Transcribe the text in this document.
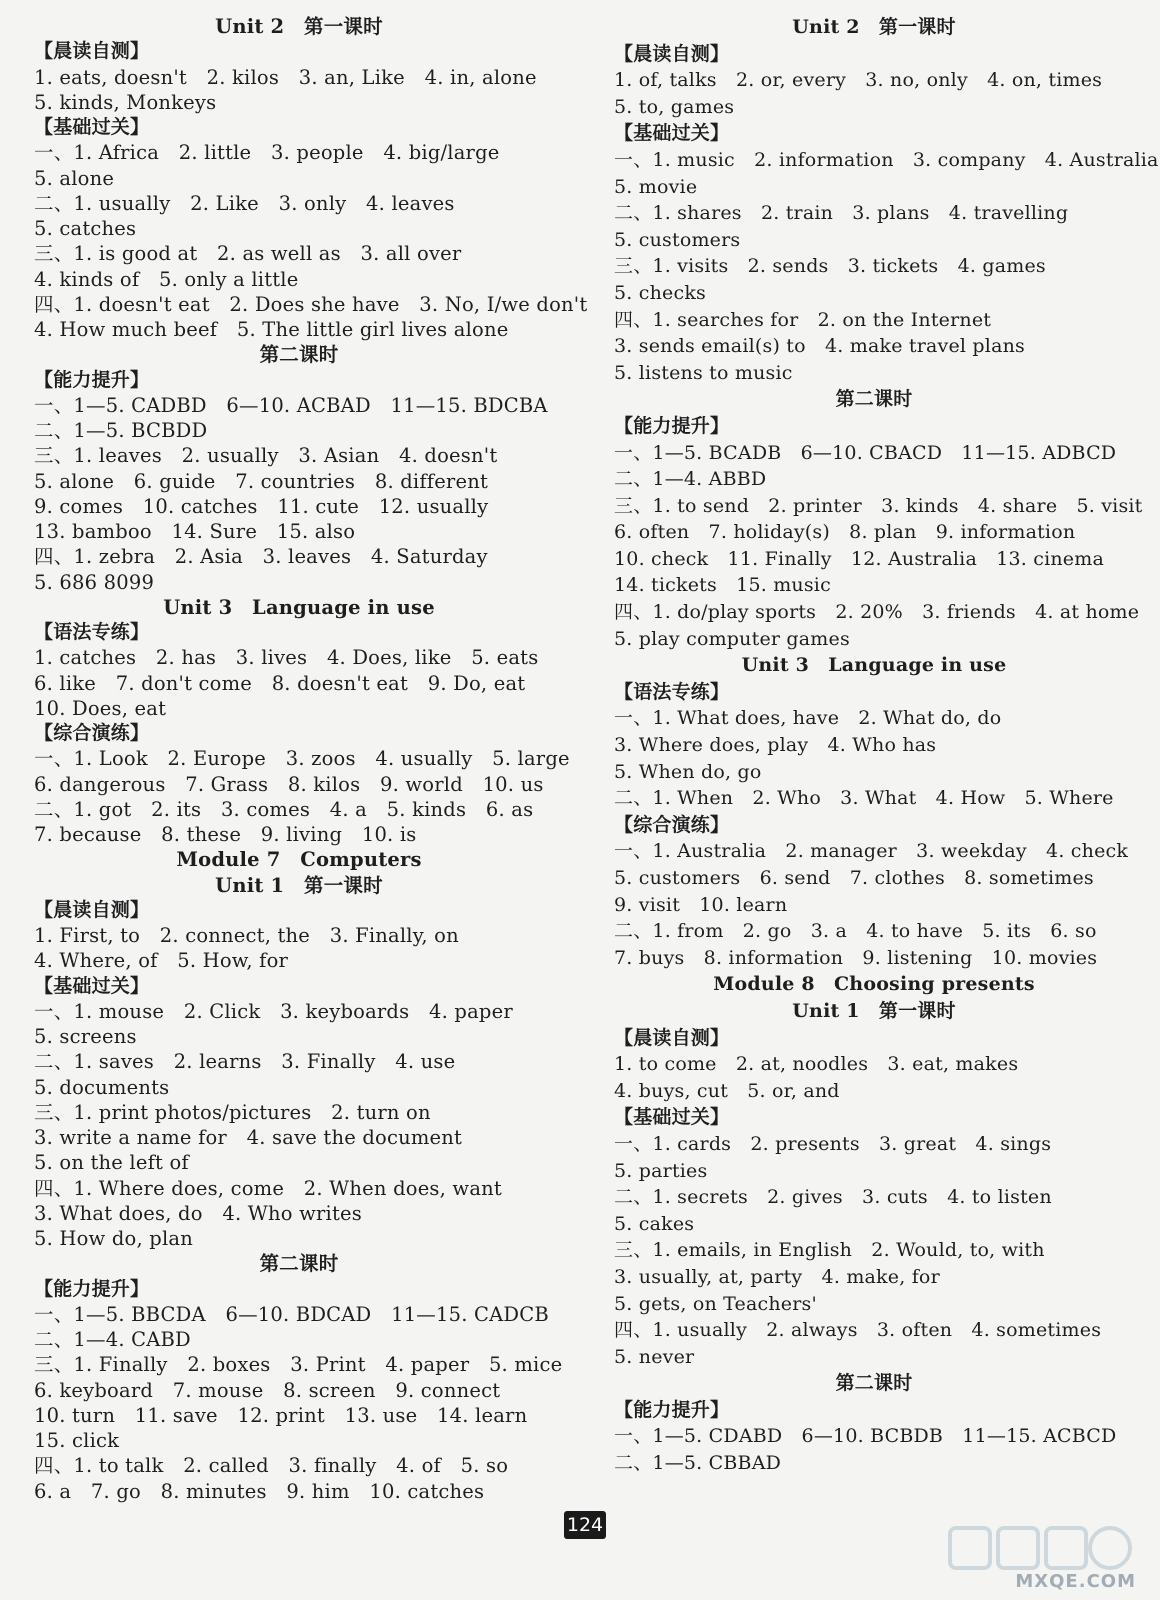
Unit 2　第一课时
【晨读自测】
1. eats, doesn't　2. kilos　3. an, Like　4. in, alone
5. kinds, Monkeys
【基础过关】
一、1. Africa　2. little　3. people　4. big/large
5. alone
二、1. usually　2. Like　3. only　4. leaves
5. catches
三、1. is good at　2. as well as　3. all over
4. kinds of　5. only a little
四、1. doesn't eat　2. Does she have　3. No, I/we don't
4. How much beef　5. The little girl lives alone
第二课时
【能力提升】
一、1—5. CADBD　6—10. ACBAD　11—15. BDCBA
二、1—5. BCBDD
三、1. leaves　2. usually　3. Asian　4. doesn't
5. alone　6. guide　7. countries　8. different
9. comes　10. catches　11. cute　12. usually
13. bamboo　14. Sure　15. also
四、1. zebra　2. Asia　3. leaves　4. Saturday
5. 686 8099
Unit 3　Language in use
【语法专练】
1. catches　2. has　3. lives　4. Does, like　5. eats
6. like　7. don't come　8. doesn't eat　9. Do, eat
10. Does, eat
【综合演练】
一、1. Look　2. Europe　3. zoos　4. usually　5. large
6. dangerous　7. Grass　8. kilos　9. world　10. us
二、1. got　2. its　3. comes　4. a　5. kinds　6. as
7. because　8. these　9. living　10. is
Module 7　Computers
Unit 1　第一课时
【晨读自测】
1. First, to　2. connect, the　3. Finally, on
4. Where, of　5. How, for
【基础过关】
一、1. mouse　2. Click　3. keyboards　4. paper
5. screens
二、1. saves　2. learns　3. Finally　4. use
5. documents
三、1. print photos/pictures　2. turn on
3. write a name for　4. save the document
5. on the left of
四、1. Where does, come　2. When does, want
3. What does, do　4. Who writes
5. How do, plan
第二课时
【能力提升】
一、1—5. BBCDA　6—10. BDCAD　11—15. CADCB
二、1—4. CABD
三、1. Finally　2. boxes　3. Print　4. paper　5. mice
6. keyboard　7. mouse　8. screen　9. connect
10. turn　11. save　12. print　13. use　14. learn
15. click
四、1. to talk　2. called　3. finally　4. of　5. so
6. a　7. go　8. minutes　9. him　10. catches
Unit 2　第一课时
【晨读自测】
1. of, talks　2. or, every　3. no, only　4. on, times
5. to, games
【基础过关】
一、1. music　2. information　3. company　4. Australia
5. movie
二、1. shares　2. train　3. plans　4. travelling
5. customers
三、1. visits　2. sends　3. tickets　4. games
5. checks
四、1. searches for　2. on the Internet
3. sends email(s) to　4. make travel plans
5. listens to music
第二课时
【能力提升】
一、1—5. BCADB　6—10. CBACD　11—15. ADBCD
二、1—4. ABBD
三、1. to send　2. printer　3. kinds　4. share　5. visit
6. often　7. holiday(s)　8. plan　9. information
10. check　11. Finally　12. Australia　13. cinema
14. tickets　15. music
四、1. do/play sports　2. 20%　3. friends　4. at home
5. play computer games
Unit 3　Language in use
【语法专练】
一、1. What does, have　2. What do, do
3. Where does, play　4. Who has
5. When do, go
二、1. When　2. Who　3. What　4. How　5. Where
【综合演练】
一、1. Australia　2. manager　3. weekday　4. check
5. customers　6. send　7. clothes　8. sometimes
9. visit　10. learn
二、1. from　2. go　3. a　4. to have　5. its　6. so
7. buys　8. information　9. listening　10. movies
Module 8　Choosing presents
Unit 1　第一课时
【晨读自测】
1. to come　2. at, noodles　3. eat, makes
4. buys, cut　5. or, and
【基础过关】
一、1. cards　2. presents　3. great　4. sings
5. parties
二、1. secrets　2. gives　3. cuts　4. to listen
5. cakes
三、1. emails, in English　2. Would, to, with
3. usually, at, party　4. make, for
5. gets, on Teachers'
四、1. usually　2. always　3. often　4. sometimes
5. never
第二课时
【能力提升】
一、1—5. CDABD　6—10. BCBDB　11—15. ACBCD
二、1—5. CBBAD
124
MXQE.COM
